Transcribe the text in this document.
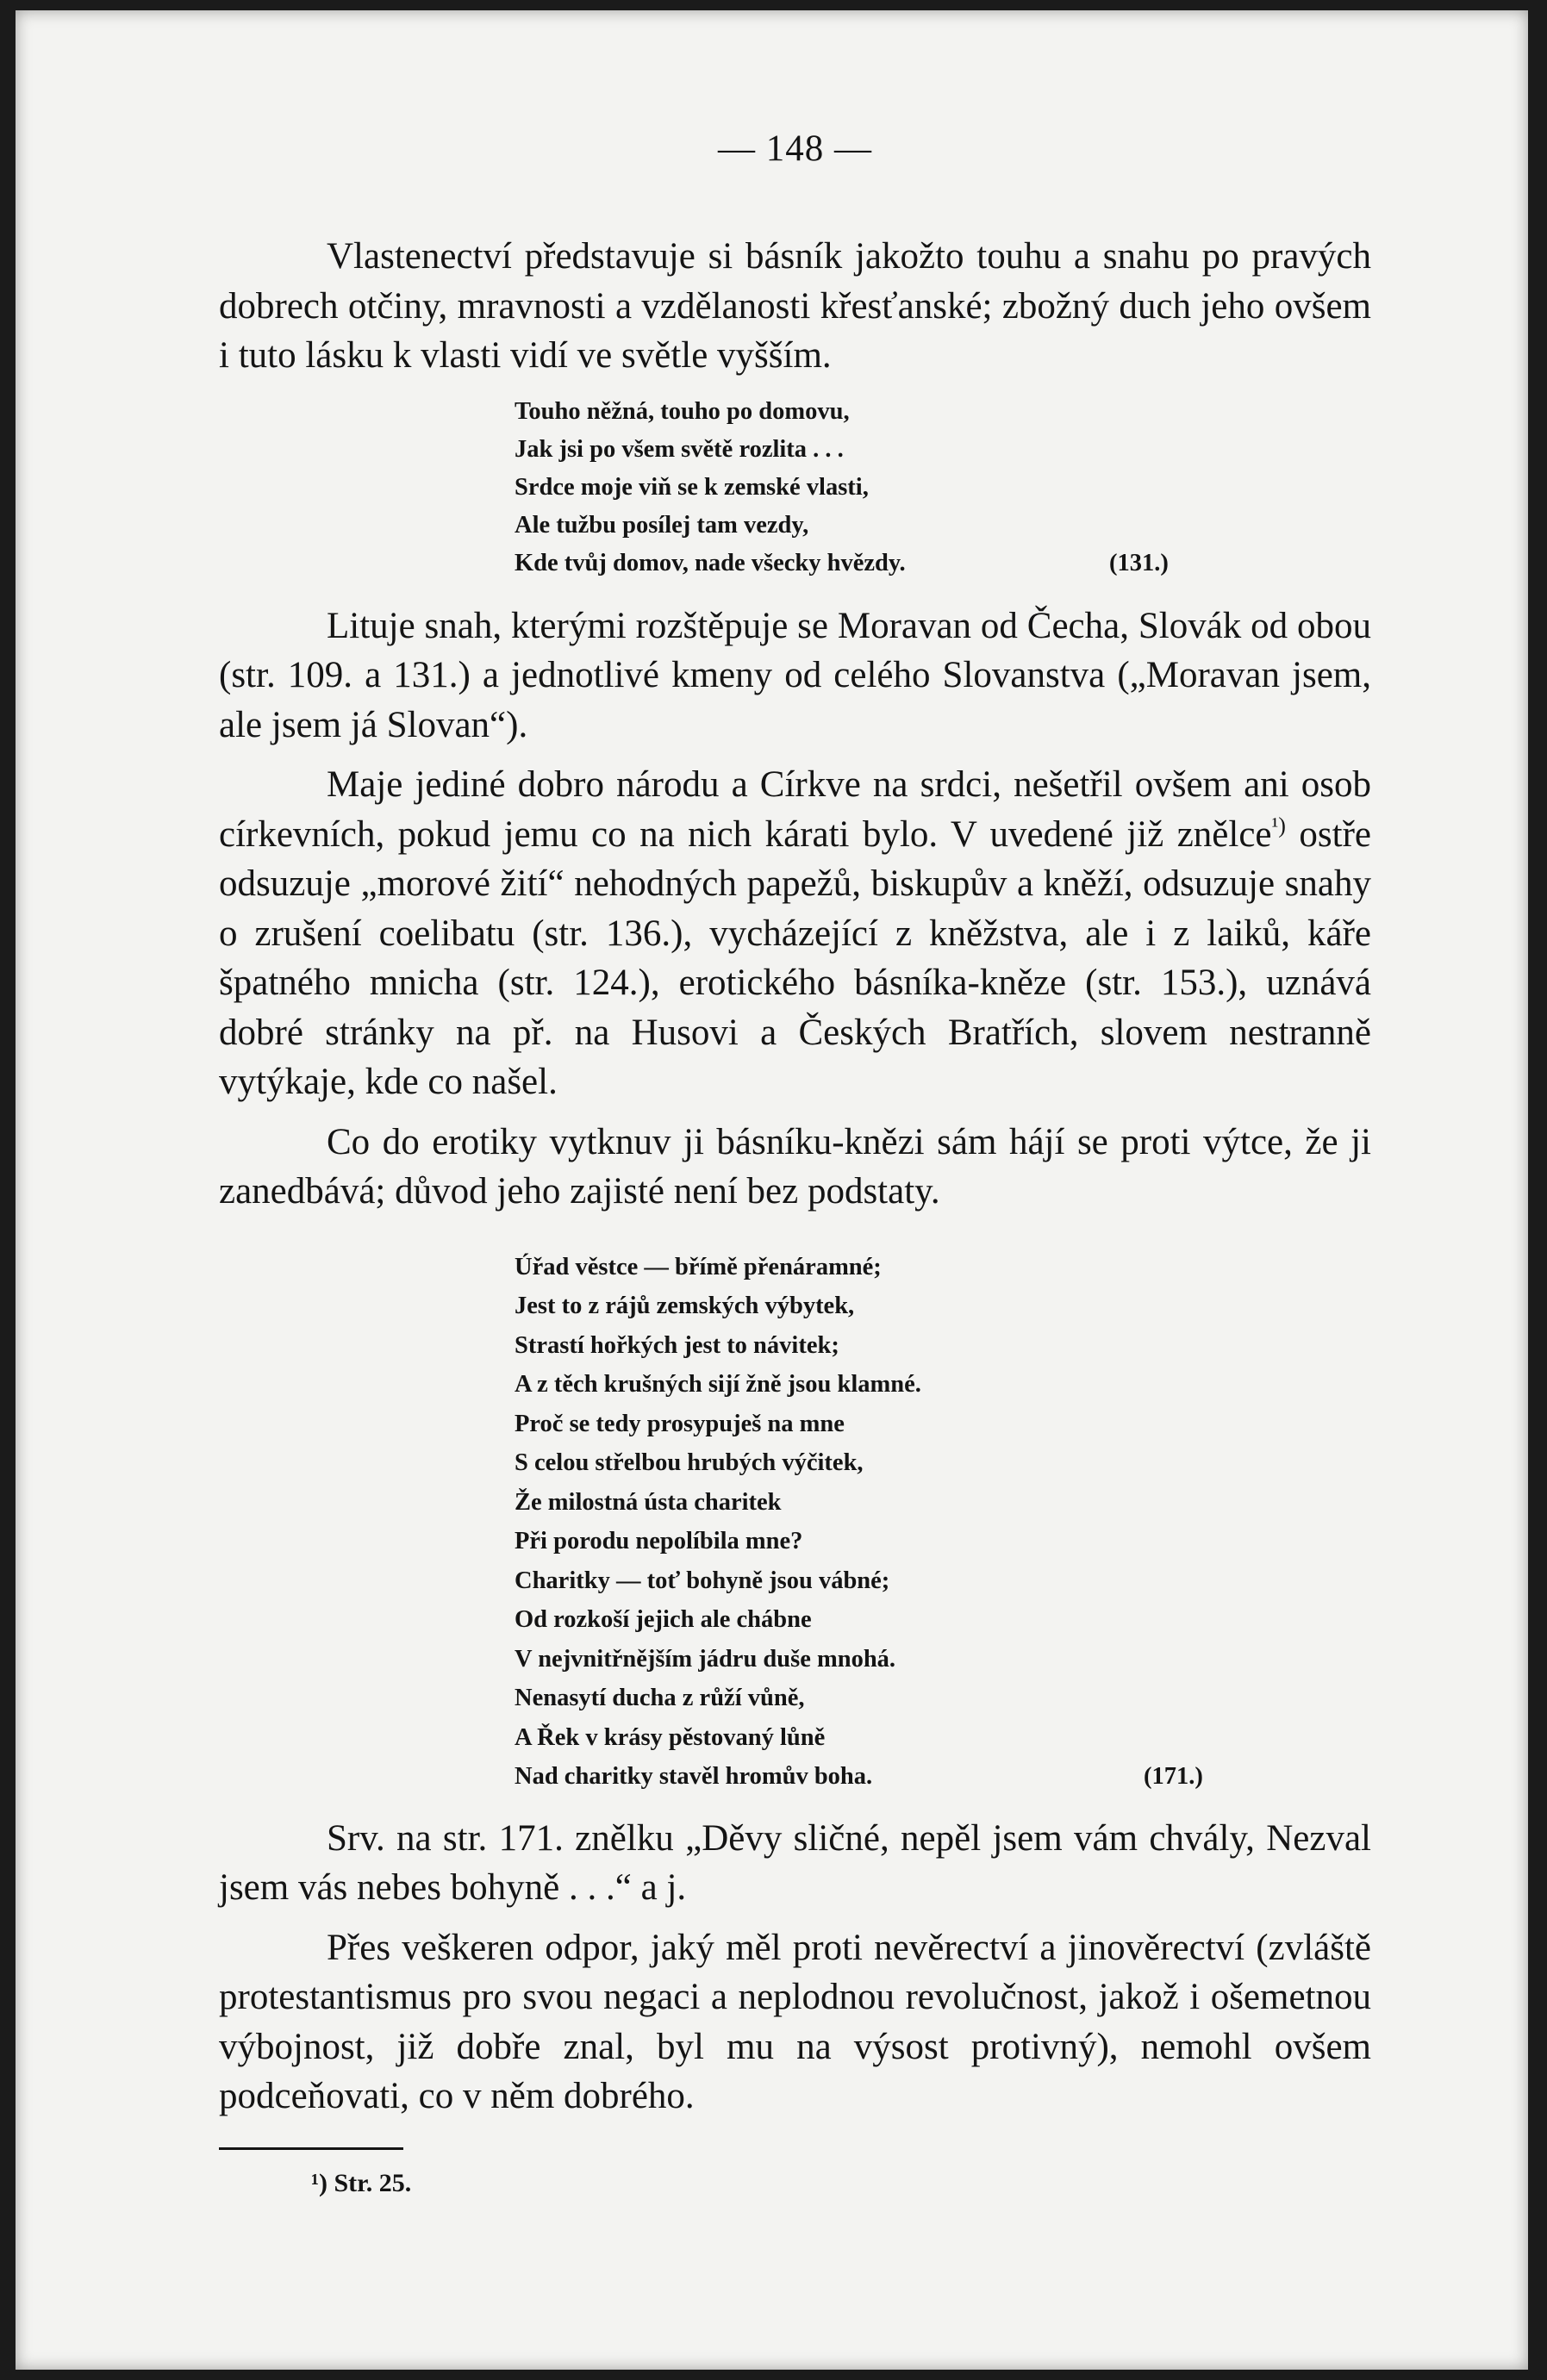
— 148 —

Vlastenectví představuje si básník jakožto touhu a snahu po pravých dobrech otčiny, mravnosti a vzdělanosti křesťanské; zbožný duch jeho ovšem i tuto lásku k vlasti vidí ve světle vyšším.

Touho něžná, touho po domovu,
Jak jsi po všem světě rozlita . . .
Srdce moje viň se k zemské vlasti,
Ale tužbu posílej tam vezdy,
Kde tvůj domov, nade všecky hvězdy.	(131.)

Lituje snah, kterými rozštěpuje se Moravan od Čecha, Slovák od obou (str. 109. a 131.) a jednotlivé kmeny od celého Slovanstva („Moravan jsem, ale jsem já Slovan“).

Maje jediné dobro národu a Církve na srdci, nešetřil ovšem ani osob církevních, pokud jemu co na nich kárati bylo. V uvedené již znělce$^{^1)}$ ostře odsuzuje „morové žití“ nehodných papežů, biskupův a kněží, odsuzuje snahy o zrušení coelibatu (str. 136.), vycházející z kněžstva, ale i z laiků, káře špatného mnicha (str. 124.), erotického básníka-kněze (str. 153.), uznává dobré stránky na př. na Husovi a Českých Bratřích, slovem nestranně vytýkaje, kde co našel.

Co do erotiky vytknuv ji básníku-knězi sám hájí se proti výtce, že ji zanedbává; důvod jeho zajisté není bez podstaty.

Úřad věstce — břímě přenáramné;
Jest to z rájů zemských výbytek,
Strastí hořkých jest to návitek;
A z těch krušných sijí žně jsou klamné.
Proč se tedy prosypuješ na mne
S celou střelbou hrubých výčitek,
Že milostná ústa charitek
Při porodu nepolíbila mne?
Charitky — toť bohyně jsou vábné;
Od rozkoší jejich ale chábne
V nejvnitřnějším jádru duše mnohá.
Nenasytí ducha z růží vůně,
A Řek v krásy pěstovaný lůně
Nad charitky stavěl hromův boha.	(171.)

Srv. na str. 171. znělku „Děvy sličné, nepěl jsem vám chvály, Nezval jsem vás nebes bohyně . . .“ a j.

Přes veškeren odpor, jaký měl proti nevěrectví a jinověrectví (zvláště protestantismus pro svou negaci a neplodnou revolučnost, jakož i ošemetnou výbojnost, již dobře znal, byl mu na výsost protivný), nemohl ovšem podceňovati, co v něm dobrého.

¹) Str. 25.
